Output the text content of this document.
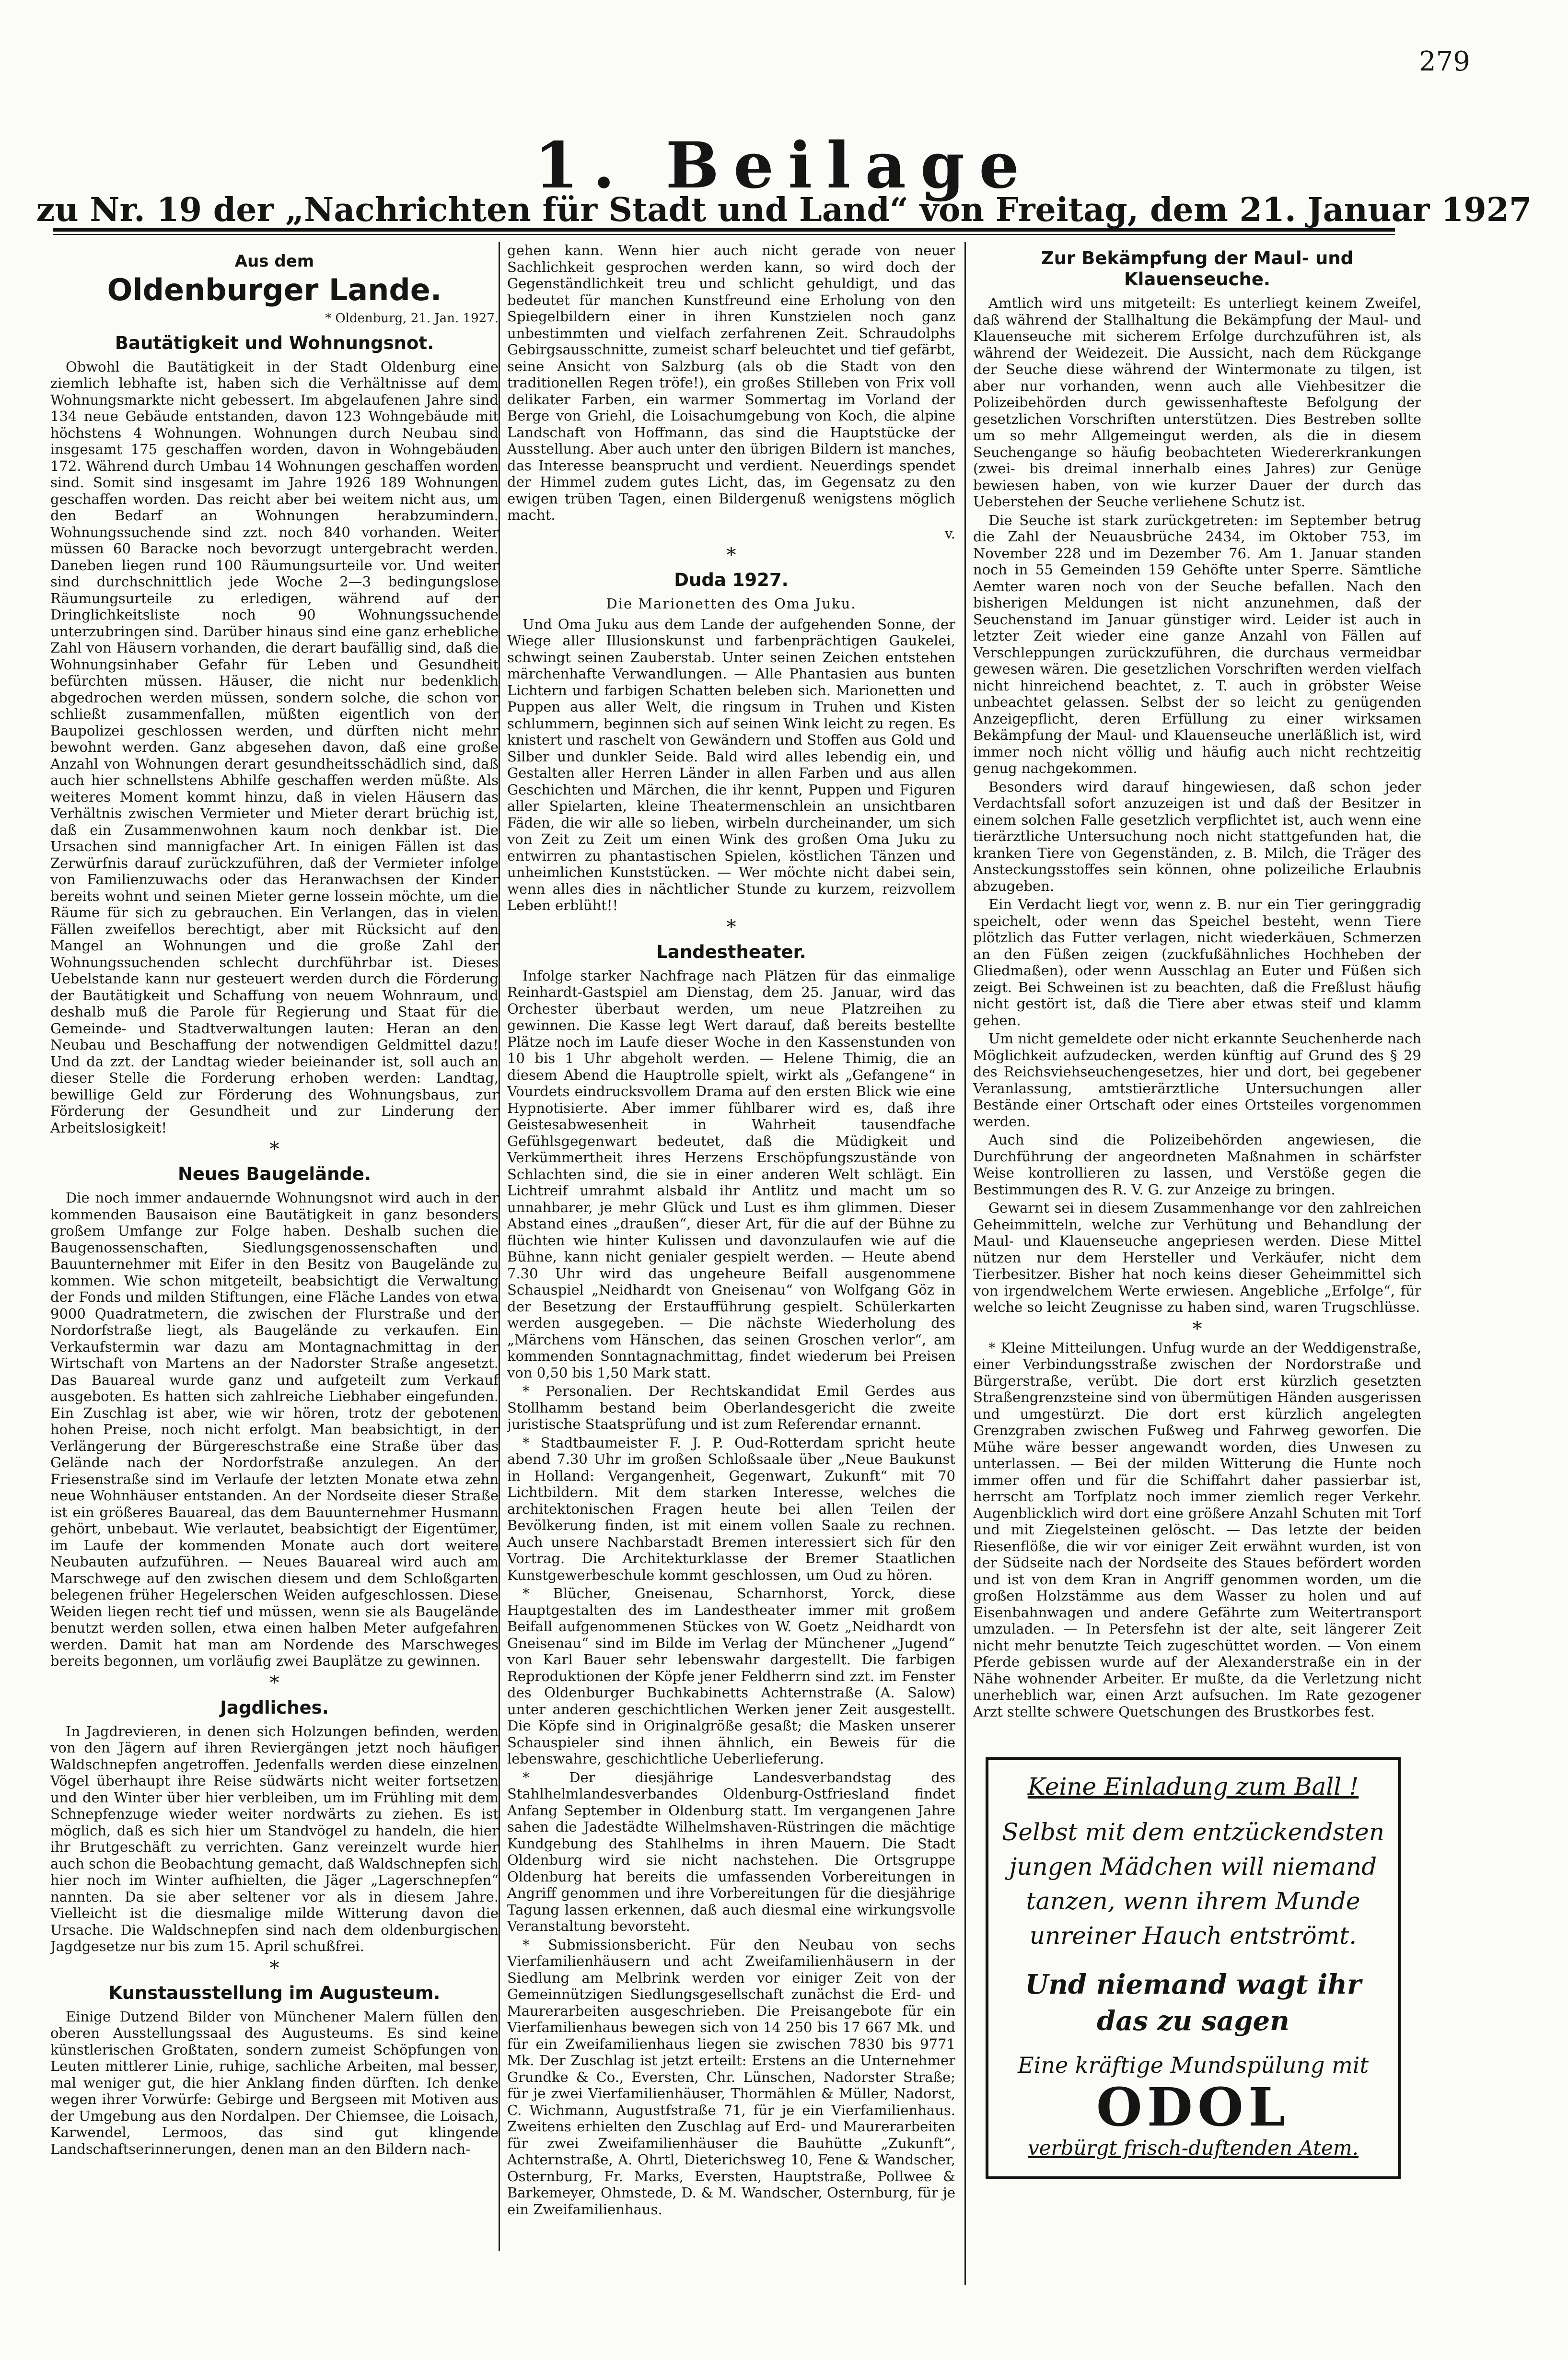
279
1. Beilage
zu Nr. 19 der „Nachrichten für Stadt und Land“ von Freitag, dem 21. Januar 1927
Aus dem
Oldenburger Lande.
* Oldenburg, 21. Jan. 1927.
Bautätigkeit und Wohnungsnot.

Obwohl die Bautätigkeit in der Stadt Oldenburg eine ziemlich lebhafte ist, haben sich die Verhältnisse auf dem Wohnungsmarkte nicht gebessert. Im abgelaufenen Jahre sind 134 neue Gebäude entstanden, davon 123 Wohngebäude mit höchstens 4 Wohnungen. Wohnungen durch Neubau sind insgesamt 175 geschaffen worden, davon in Wohngebäuden 172. Während durch Umbau 14 Wohnungen geschaffen worden sind. Somit sind insgesamt im Jahre 1926 189 Wohnungen geschaffen worden. Das reicht aber bei weitem nicht aus, um den Bedarf an Wohnungen herabzumindern. Wohnungssuchende sind zzt. noch 840 vorhanden. Weiter müssen 60 Baracke noch bevorzugt untergebracht werden. Daneben liegen rund 100 Räumungsurteile vor. Und weiter sind durchschnittlich jede Woche 2—3 bedingungslose Räumungsurteile zu erledigen, während auf der Dringlichkeitsliste noch 90 Wohnungssuchende unterzubringen sind. Darüber hinaus sind eine ganz erhebliche Zahl von Häusern vorhanden, die derart baufällig sind, daß die Wohnungsinhaber Gefahr für Leben und Gesundheit befürchten müssen. Häuser, die nicht nur bedenklich abgedrochen werden müssen, sondern solche, die schon vor schließt zusammenfallen, müßten eigentlich von der Baupolizei geschlossen werden, und dürften nicht mehr bewohnt werden. Ganz abgesehen davon, daß eine große Anzahl von Wohnungen derart gesundheitsschädlich sind, daß auch hier schnellstens Abhilfe geschaffen werden müßte. Als weiteres Moment kommt hinzu, daß in vielen Häusern das Verhältnis zwischen Vermieter und Mieter derart brüchig ist, daß ein Zusammenwohnen kaum noch denkbar ist. Die Ursachen sind mannigfacher Art. In einigen Fällen ist das Zerwürfnis darauf zurückzuführen, daß der Vermieter infolge von Familienzuwachs oder das Heranwachsen der Kinder bereits wohnt und seinen Mieter gerne lossein möchte, um die Räume für sich zu gebrauchen. Ein Verlangen, das in vielen Fällen zweifellos berechtigt, aber mit Rücksicht auf den Mangel an Wohnungen und die große Zahl der Wohnungssuchenden schlecht durchführbar ist. Dieses Uebelstande kann nur gesteuert werden durch die Förderung der Bautätigkeit und Schaffung von neuem Wohnraum, und deshalb muß die Parole für Regierung und Staat für die Gemeinde- und Stadtverwaltungen lauten: Heran an den Neubau und Beschaffung der notwendigen Geldmittel dazu! Und da zzt. der Landtag wieder beieinander ist, soll auch an dieser Stelle die Forderung erhoben werden: Landtag, bewillige Geld zur Förderung des Wohnungsbaus, zur Förderung der Gesundheit und zur Linderung der Arbeitslosigkeit!

*
Neues Baugelände.

Die noch immer andauernde Wohnungsnot wird auch in der kommenden Bausaison eine Bautätigkeit in ganz besonders großem Umfange zur Folge haben. Deshalb suchen die Baugenossenschaften, Siedlungsgenossenschaften und Bauunternehmer mit Eifer in den Besitz von Baugelände zu kommen. Wie schon mitgeteilt, beabsichtigt die Verwaltung der Fonds und milden Stiftungen, eine Fläche Landes von etwa 9000 Quadratmetern, die zwischen der Flurstraße und der Nordorfstraße liegt, als Baugelände zu verkaufen. Ein Verkaufstermin war dazu am Montagnachmittag in der Wirtschaft von Martens an der Nadorster Straße angesetzt. Das Bauareal wurde ganz und aufgeteilt zum Verkauf ausgeboten. Es hatten sich zahlreiche Liebhaber eingefunden. Ein Zuschlag ist aber, wie wir hören, trotz der gebotenen hohen Preise, noch nicht erfolgt. Man beabsichtigt, in der Verlängerung der Bürgereschstraße eine Straße über das Gelände nach der Nordorfstraße anzulegen. An der Friesenstraße sind im Verlaufe der letzten Monate etwa zehn neue Wohnhäuser entstanden. An der Nordseite dieser Straße ist ein größeres Bauareal, das dem Bauunternehmer Husmann gehört, unbebaut. Wie verlautet, beabsichtigt der Eigentümer, im Laufe der kommenden Monate auch dort weitere Neubauten aufzuführen. — Neues Bauareal wird auch am Marschwege auf den zwischen diesem und dem Schloßgarten belegenen früher Hegelerschen Weiden aufgeschlossen. Diese Weiden liegen recht tief und müssen, wenn sie als Baugelände benutzt werden sollen, etwa einen halben Meter aufgefahren werden. Damit hat man am Nordende des Marschweges bereits begonnen, um vorläufig zwei Bauplätze zu gewinnen.

*
Jagdliches.

In Jagdrevieren, in denen sich Holzungen befinden, werden von den Jägern auf ihren Reviergängen jetzt noch häufiger Waldschnepfen angetroffen. Jedenfalls werden diese einzelnen Vögel überhaupt ihre Reise südwärts nicht weiter fortsetzen und den Winter über hier verbleiben, um im Frühling mit dem Schnepfenzuge wieder weiter nordwärts zu ziehen. Es ist möglich, daß es sich hier um Standvögel zu handeln, die hier ihr Brutgeschäft zu verrichten. Ganz vereinzelt wurde hier auch schon die Beobachtung gemacht, daß Waldschnepfen sich hier noch im Winter aufhielten, die Jäger „Lagerschnepfen“ nannten. Da sie aber seltener vor als in diesem Jahre. Vielleicht ist die diesmalige milde Witterung davon die Ursache. Die Waldschnepfen sind nach dem oldenburgischen Jagdgesetze nur bis zum 15. April schußfrei.

*
Kunstausstellung im Augusteum.

Einige Dutzend Bilder von Münchener Malern füllen den oberen Ausstellungssaal des Augusteums. Es sind keine künstlerischen Großtaten, sondern zumeist Schöpfungen von Leuten mittlerer Linie, ruhige, sachliche Arbeiten, mal besser, mal weniger gut, die hier Anklang finden dürften. Ich denke wegen ihrer Vorwürfe: Gebirge und Bergseen mit Motiven aus der Umgebung aus den Nordalpen. Der Chiemsee, die Loisach, Karwendel, Lermoos, das sind gut klingende Landschaftserinnerungen, denen man an den Bildern nach-

gehen kann. Wenn hier auch nicht gerade von neuer Sachlichkeit gesprochen werden kann, so wird doch der Gegenständlichkeit treu und schlicht gehuldigt, und das bedeutet für manchen Kunstfreund eine Erholung von den Spiegelbildern einer in ihren Kunstzielen noch ganz unbestimmten und vielfach zerfahrenen Zeit. Schraudolphs Gebirgsausschnitte, zumeist scharf beleuchtet und tief gefärbt, seine Ansicht von Salzburg (als ob die Stadt von den traditionellen Regen tröfe!), ein großes Stilleben von Frix voll delikater Farben, ein warmer Sommertag im Vorland der Berge von Griehl, die Loisachumgebung von Koch, die alpine Landschaft von Hoffmann, das sind die Hauptstücke der Ausstellung. Aber auch unter den übrigen Bildern ist manches, das Interesse beansprucht und verdient. Neuerdings spendet der Himmel zudem gutes Licht, das, im Gegensatz zu den ewigen trüben Tagen, einen Bildergenuß wenigstens möglich macht.

v.
*
Duda 1927.
Die Marionetten des Oma Juku.

Und Oma Juku aus dem Lande der aufgehenden Sonne, der Wiege aller Illusionskunst und farbenprächtigen Gaukelei, schwingt seinen Zauberstab. Unter seinen Zeichen entstehen märchenhafte Verwandlungen. — Alle Phantasien aus bunten Lichtern und farbigen Schatten beleben sich. Marionetten und Puppen aus aller Welt, die ringsum in Truhen und Kisten schlummern, beginnen sich auf seinen Wink leicht zu regen. Es knistert und raschelt von Gewändern und Stoffen aus Gold und Silber und dunkler Seide. Bald wird alles lebendig ein, und Gestalten aller Herren Länder in allen Farben und aus allen Geschichten und Märchen, die ihr kennt, Puppen und Figuren aller Spielarten, kleine Theatermenschlein an unsichtbaren Fäden, die wir alle so lieben, wirbeln durcheinander, um sich von Zeit zu Zeit um einen Wink des großen Oma Juku zu entwirren zu phantastischen Spielen, köstlichen Tänzen und unheimlichen Kunststücken. — Wer möchte nicht dabei sein, wenn alles dies in nächtlicher Stunde zu kurzem, reizvollem Leben erblüht!!

*
Landestheater.

Infolge starker Nachfrage nach Plätzen für das einmalige Reinhardt-Gastspiel am Dienstag, dem 25. Januar, wird das Orchester überbaut werden, um neue Platzreihen zu gewinnen. Die Kasse legt Wert darauf, daß bereits bestellte Plätze noch im Laufe dieser Woche in den Kassenstunden von 10 bis 1 Uhr abgeholt werden. — Helene Thimig, die an diesem Abend die Hauptrolle spielt, wirkt als „Gefangene“ in Vourdets eindrucksvollem Drama auf den ersten Blick wie eine Hypnotisierte. Aber immer fühlbarer wird es, daß ihre Geistesabwesenheit in Wahrheit tausendfache Gefühlsgegenwart bedeutet, daß die Müdigkeit und Verkümmertheit ihres Herzens Erschöpfungszustände von Schlachten sind, die sie in einer anderen Welt schlägt. Ein Lichtreif umrahmt alsbald ihr Antlitz und macht um so unnahbarer, je mehr Glück und Lust es ihm glimmen. Dieser Abstand eines „draußen“, dieser Art, für die auf der Bühne zu flüchten wie hinter Kulissen und davonzulaufen wie auf die Bühne, kann nicht genialer gespielt werden. — Heute abend 7.30 Uhr wird das ungeheure Beifall ausgenommene Schauspiel „Neidhardt von Gneisenau“ von Wolfgang Göz in der Besetzung der Erstaufführung gespielt. Schülerkarten werden ausgegeben. — Die nächste Wiederholung des „Märchens vom Hänschen, das seinen Groschen verlor“, am kommenden Sonntagnachmittag, findet wiederum bei Preisen von 0,50 bis 1,50 Mark statt.

* Personalien. Der Rechtskandidat Emil Gerdes aus Stollhamm bestand beim Oberlandesgericht die zweite juristische Staatsprüfung und ist zum Referendar ernannt.

* Stadtbaumeister F. J. P. Oud-Rotterdam spricht heute abend 7.30 Uhr im großen Schloßsaale über „Neue Baukunst in Holland: Vergangenheit, Gegenwart, Zukunft“ mit 70 Lichtbildern. Mit dem starken Interesse, welches die architektonischen Fragen heute bei allen Teilen der Bevölkerung finden, ist mit einem vollen Saale zu rechnen. Auch unsere Nachbarstadt Bremen interessiert sich für den Vortrag. Die Architekturklasse der Bremer Staatlichen Kunstgewerbeschule kommt geschlossen, um Oud zu hören.

* Blücher, Gneisenau, Scharnhorst, Yorck, diese Hauptgestalten des im Landestheater immer mit großem Beifall aufgenommenen Stückes von W. Goetz „Neidhardt von Gneisenau“ sind im Bilde im Verlag der Münchener „Jugend“ von Karl Bauer sehr lebenswahr dargestellt. Die farbigen Reproduktionen der Köpfe jener Feldherrn sind zzt. im Fenster des Oldenburger Buchkabinetts Achternstraße (A. Salow) unter anderen geschichtlichen Werken jener Zeit ausgestellt. Die Köpfe sind in Originalgröße gesaßt; die Masken unserer Schauspieler sind ihnen ähnlich, ein Beweis für die lebenswahre, geschichtliche Ueberlieferung.

* Der diesjährige Landesverbandstag des Stahlhelmlandesverbandes Oldenburg-Ostfriesland findet Anfang September in Oldenburg statt. Im vergangenen Jahre sahen die Jadestädte Wilhelmshaven-Rüstringen die mächtige Kundgebung des Stahlhelms in ihren Mauern. Die Stadt Oldenburg wird sie nicht nachstehen. Die Ortsgruppe Oldenburg hat bereits die umfassenden Vorbereitungen in Angriff genommen und ihre Vorbereitungen für die diesjährige Tagung lassen erkennen, daß auch diesmal eine wirkungsvolle Veranstaltung bevorsteht.

* Submissionsbericht. Für den Neubau von sechs Vierfamilienhäusern und acht Zweifamilienhäusern in der Siedlung am Melbrink werden vor einiger Zeit von der Gemeinnützigen Siedlungsgesellschaft zunächst die Erd- und Maurerarbeiten ausgeschrieben. Die Preisangebote für ein Vierfamilienhaus bewegen sich von 14 250 bis 17 667 Mk. und für ein Zweifamilienhaus liegen sie zwischen 7830 bis 9771 Mk. Der Zuschlag ist jetzt erteilt: Erstens an die Unternehmer Grundke & Co., Eversten, Chr. Lünschen, Nadorster Straße; für je zwei Vierfamilienhäuser, Thormählen & Müller, Nadorst, C. Wichmann, Augustfstraße 71, für je ein Vierfamilienhaus. Zweitens erhielten den Zuschlag auf Erd- und Maurerarbeiten für zwei Zweifamilienhäuser die Bauhütte „Zukunft“, Achternstraße, A. Ohrtl, Dieterichsweg 10, Fene & Wandscher, Osternburg, Fr. Marks, Eversten, Hauptstraße, Pollwee & Barkemeyer, Ohmstede, D. & M. Wandscher, Osternburg, für je ein Zweifamilienhaus.

Zur Bekämpfung der Maul- und Klauenseuche.

Amtlich wird uns mitgeteilt: Es unterliegt keinem Zweifel, daß während der Stallhaltung die Bekämpfung der Maul- und Klauenseuche mit sicherem Erfolge durchzuführen ist, als während der Weidezeit. Die Aussicht, nach dem Rückgange der Seuche diese während der Wintermonate zu tilgen, ist aber nur vorhanden, wenn auch alle Viehbesitzer die Polizeibehörden durch gewissenhafteste Befolgung der gesetzlichen Vorschriften unterstützen. Dies Bestreben sollte um so mehr Allgemeingut werden, als die in diesem Seuchengange so häufig beobachteten Wiedererkrankungen (zwei- bis dreimal innerhalb eines Jahres) zur Genüge bewiesen haben, von wie kurzer Dauer der durch das Ueberstehen der Seuche verliehene Schutz ist.

Die Seuche ist stark zurückgetreten: im September betrug die Zahl der Neuausbrüche 2434, im Oktober 753, im November 228 und im Dezember 76. Am 1. Januar standen noch in 55 Gemeinden 159 Gehöfte unter Sperre. Sämtliche Aemter waren noch von der Seuche befallen. Nach den bisherigen Meldungen ist nicht anzunehmen, daß der Seuchenstand im Januar günstiger wird. Leider ist auch in letzter Zeit wieder eine ganze Anzahl von Fällen auf Verschleppungen zurückzuführen, die durchaus vermeidbar gewesen wären. Die gesetzlichen Vorschriften werden vielfach nicht hinreichend beachtet, z. T. auch in gröbster Weise unbeachtet gelassen. Selbst der so leicht zu genügenden Anzeigepflicht, deren Erfüllung zu einer wirksamen Bekämpfung der Maul- und Klauenseuche unerläßlich ist, wird immer noch nicht völlig und häufig auch nicht rechtzeitig genug nachgekommen.

Besonders wird darauf hingewiesen, daß schon jeder Verdachtsfall sofort anzuzeigen ist und daß der Besitzer in einem solchen Falle gesetzlich verpflichtet ist, auch wenn eine tierärztliche Untersuchung noch nicht stattgefunden hat, die kranken Tiere von Gegenständen, z. B. Milch, die Träger des Ansteckungsstoffes sein können, ohne polizeiliche Erlaubnis abzugeben.

Ein Verdacht liegt vor, wenn z. B. nur ein Tier geringgradig speichelt, oder wenn das Speichel besteht, wenn Tiere plötzlich das Futter verlagen, nicht wiederkäuen, Schmerzen an den Füßen zeigen (zuckfußähnliches Hochheben der Gliedmaßen), oder wenn Ausschlag an Euter und Füßen sich zeigt. Bei Schweinen ist zu beachten, daß die Freßlust häufig nicht gestört ist, daß die Tiere aber etwas steif und klamm gehen.

Um nicht gemeldete oder nicht erkannte Seuchenherde nach Möglichkeit aufzudecken, werden künftig auf Grund des § 29 des Reichsviehseuchengesetzes, hier und dort, bei gegebener Veranlassung, amtstierärztliche Untersuchungen aller Bestände einer Ortschaft oder eines Ortsteiles vorgenommen werden.

Auch sind die Polizeibehörden angewiesen, die Durchführung der angeordneten Maßnahmen in schärfster Weise kontrollieren zu lassen, und Verstöße gegen die Bestimmungen des R. V. G. zur Anzeige zu bringen.

Gewarnt sei in diesem Zusammenhange vor den zahlreichen Geheimmitteln, welche zur Verhütung und Behandlung der Maul- und Klauenseuche angepriesen werden. Diese Mittel nützen nur dem Hersteller und Verkäufer, nicht dem Tierbesitzer. Bisher hat noch keins dieser Geheimmittel sich von irgendwelchem Werte erwiesen. Angebliche „Erfolge“, für welche so leicht Zeugnisse zu haben sind, waren Trugschlüsse.

*

* Kleine Mitteilungen. Unfug wurde an der Weddigenstraße, einer Verbindungsstraße zwischen der Nordorstraße und Bürgerstraße, verübt. Die dort erst kürzlich gesetzten Straßengrenzsteine sind von übermütigen Händen ausgerissen und umgestürzt. Die dort erst kürzlich angelegten Grenzgraben zwischen Fußweg und Fahrweg geworfen. Die Mühe wäre besser angewandt worden, dies Unwesen zu unterlassen. — Bei der milden Witterung die Hunte noch immer offen und für die Schiffahrt daher passierbar ist, herrscht am Torfplatz noch immer ziemlich reger Verkehr. Augenblicklich wird dort eine größere Anzahl Schuten mit Torf und mit Ziegelsteinen gelöscht. — Das letzte der beiden Riesenflöße, die wir vor einiger Zeit erwähnt wurden, ist von der Südseite nach der Nordseite des Staues befördert worden und ist von dem Kran in Angriff genommen worden, um die großen Holzstämme aus dem Wasser zu holen und auf Eisenbahnwagen und andere Gefährte zum Weitertransport umzuladen. — In Petersfehn ist der alte, seit längerer Zeit nicht mehr benutzte Teich zugeschüttet worden. — Von einem Pferde gebissen wurde auf der Alexanderstraße ein in der Nähe wohnender Arbeiter. Er mußte, da die Verletzung nicht unerheblich war, einen Arzt aufsuchen. Im Rate gezogener Arzt stellte schwere Quetschungen des Brustkorbes fest.

Keine Einladung zum Ball !
Selbst mit dem entzückendsten jungen Mädchen will niemand tanzen, wenn ihrem Munde unreiner Hauch entströmt.
Und niemand wagt ihr das zu sagen
Eine kräftige Mundspülung mit
ODOL
verbürgt frisch-duftenden Atem.
